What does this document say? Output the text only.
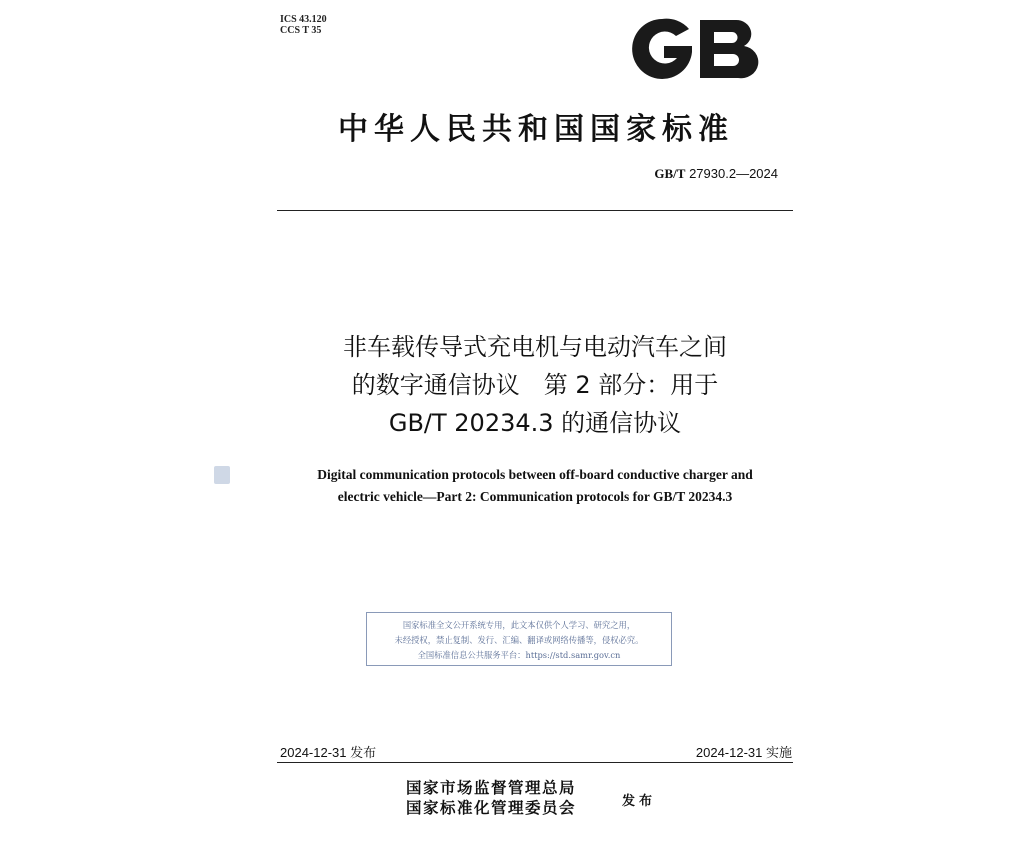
ICS 43.120
CCS T 35
中华人民共和国国家标准
GB/T 27930.2—2024
非车载传导式充电机与电动汽车之间
的数字通信协议　第 2 部分：用于
GB/T 20234.3 的通信协议
Digital communication protocols between off-board conductive charger and
electric vehicle—Part 2: Communication protocols for GB/T 20234.3
国家标准全文公开系统专用，此文本仅供个人学习、研究之用，
未经授权，禁止复制、发行、汇编、翻译或网络传播等，侵权必究。
全国标准信息公共服务平台：https://std.samr.gov.cn
2024-12-31 发布	2024-12-31 实施
国家市场监督管理总局
国家标准化管理委员会	发布
